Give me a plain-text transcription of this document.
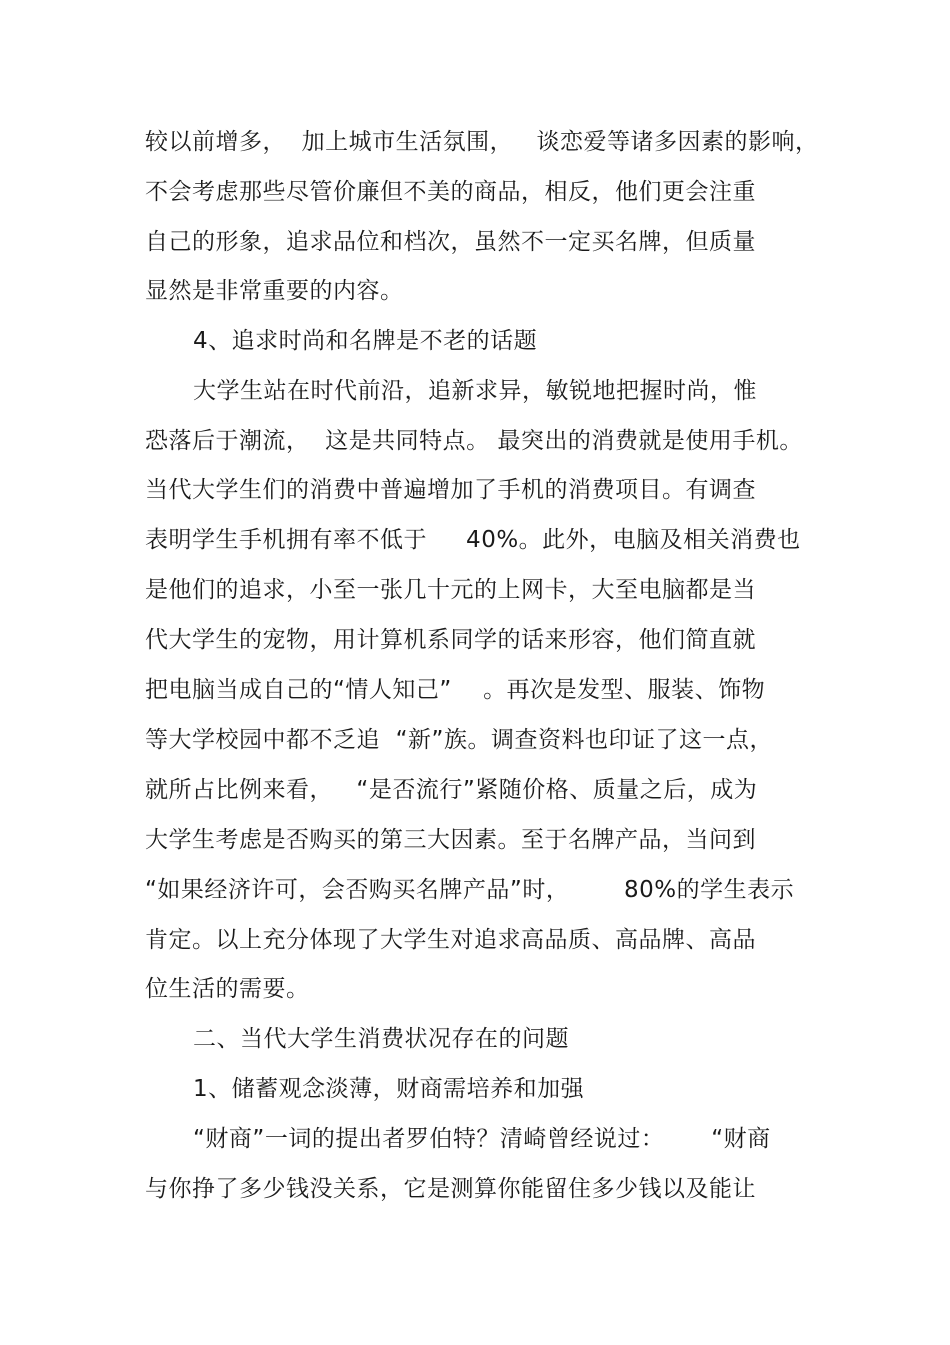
较以前增多，  加上城市生活氛围，   谈恋爱等诸多因素的影响，
不会考虑那些尽管价廉但不美的商品，相反，他们更会注重
自己的形象，追求品位和档次，虽然不一定买名牌，但质量
显然是非常重要的内容。
4、追求时尚和名牌是不老的话题
大学生站在时代前沿，追新求异，敏锐地把握时尚，惟
恐落后于潮流，  这是共同特点。 最突出的消费就是使用手机。
当代大学生们的消费中普遍增加了手机的消费项目。有调查
表明学生手机拥有率不低于     40%。此外，电脑及相关消费也
是他们的追求，小至一张几十元的上网卡，大至电脑都是当
代大学生的宠物，用计算机系同学的话来形容，他们简直就
把电脑当成自己的“情人知己”    。再次是发型、服装、饰物
等大学校园中都不乏追  “新”族。调查资料也印证了这一点，
就所占比例来看，   “是否流行”紧随价格、质量之后，成为
大学生考虑是否购买的第三大因素。至于名牌产品，当问到
“如果经济许可，会否购买名牌产品”时，       80%的学生表示
肯定。以上充分体现了大学生对追求高品质、高品牌、高品
位生活的需要。
二、当代大学生消费状况存在的问题
1、储蓄观念淡薄，财商需培养和加强
“财商”一词的提出者罗伯特？清崎曾经说过：      “财商
与你挣了多少钱没关系，它是测算你能留住多少钱以及能让
